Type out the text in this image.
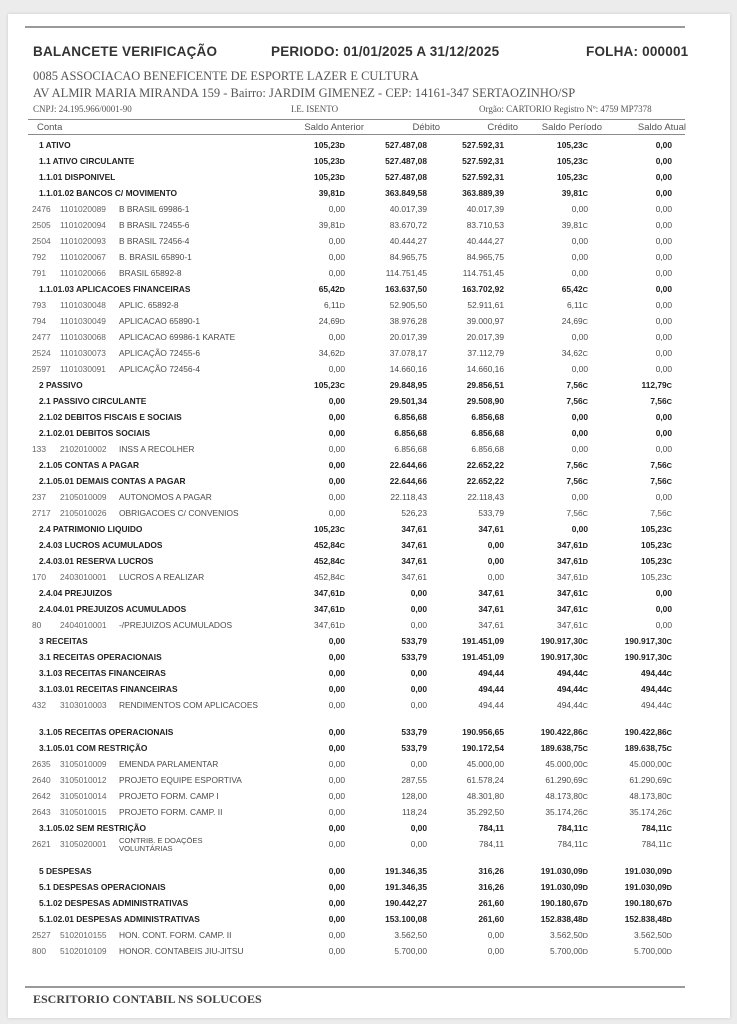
BALANCETE VERIFICAÇÃO	PERIODO: 01/01/2025 A 31/12/2025	FOLHA: 000001
0085 ASSOCIACAO BENEFICENTE DE ESPORTE LAZER E CULTURA
AV ALMIR MARIA MIRANDA 159 - Bairro: JARDIM GIMENEZ - CEP: 14161-347 SERTAOZINHO/SP
CNPJ: 24.195.966/0001-90	I.E. ISENTO	Orgão: CARTORIO Registro Nº: 4759 MP7378
Conta	Saldo Anterior	Débito	Crédito	Saldo Período	Saldo Atual
1 ATIVO	105,23D	527.487,08	527.592,31	105,23C	0,00
1.1 ATIVO CIRCULANTE	105,23D	527.487,08	527.592,31	105,23C	0,00
1.1.01 DISPONIVEL	105,23D	527.487,08	527.592,31	105,23C	0,00
1.1.01.02 BANCOS C/ MOVIMENTO	39,81D	363.849,58	363.889,39	39,81C	0,00
2476 1101020089 B BRASIL 69986-1	0,00	40.017,39	40.017,39	0,00	0,00
2505 1101020094 B BRASIL 72455-6	39,81D	83.670,72	83.710,53	39,81C	0,00
2504 1101020093 B BRASIL 72456-4	0,00	40.444,27	40.444,27	0,00	0,00
792 1101020067 B. BRASIL 65890-1	0,00	84.965,75	84.965,75	0,00	0,00
791 1101020066 BRASIL 65892-8	0,00	114.751,45	114.751,45	0,00	0,00
1.1.01.03 APLICACOES FINANCEIRAS	65,42D	163.637,50	163.702,92	65,42C	0,00
793 1101030048 APLIC. 65892-8	6,11D	52.905,50	52.911,61	6,11C	0,00
794 1101030049 APLICACAO 65890-1	24,69D	38.976,28	39.000,97	24,69C	0,00
2477 1101030068 APLICACAO 69986-1 KARATE	0,00	20.017,39	20.017,39	0,00	0,00
2524 1101030073 APLICAÇÃO 72455-6	34,62D	37.078,17	37.112,79	34,62C	0,00
2597 1101030091 APLICAÇÃO 72456-4	0,00	14.660,16	14.660,16	0,00	0,00
2 PASSIVO	105,23C	29.848,95	29.856,51	7,56C	112,79C
2.1 PASSIVO CIRCULANTE	0,00	29.501,34	29.508,90	7,56C	7,56C
2.1.02 DEBITOS FISCAIS E SOCIAIS	0,00	6.856,68	6.856,68	0,00	0,00
2.1.02.01 DEBITOS SOCIAIS	0,00	6.856,68	6.856,68	0,00	0,00
133 2102010002 INSS A RECOLHER	0,00	6.856,68	6.856,68	0,00	0,00
2.1.05 CONTAS A PAGAR	0,00	22.644,66	22.652,22	7,56C	7,56C
2.1.05.01 DEMAIS CONTAS A PAGAR	0,00	22.644,66	22.652,22	7,56C	7,56C
237 2105010009 AUTONOMOS A PAGAR	0,00	22.118,43	22.118,43	0,00	0,00
2717 2105010026 OBRIGACOES C/ CONVENIOS	0,00	526,23	533,79	7,56C	7,56C
2.4 PATRIMONIO LIQUIDO	105,23C	347,61	347,61	0,00	105,23C
2.4.03 LUCROS ACUMULADOS	452,84C	347,61	0,00	347,61D	105,23C
2.4.03.01 RESERVA LUCROS	452,84C	347,61	0,00	347,61D	105,23C
170 2403010001 LUCROS A REALIZAR	452,84C	347,61	0,00	347,61D	105,23C
2.4.04 PREJUIZOS	347,61D	0,00	347,61	347,61C	0,00
2.4.04.01 PREJUIZOS ACUMULADOS	347,61D	0,00	347,61	347,61C	0,00
80 2404010001 -/PREJUIZOS ACUMULADOS	347,61D	0,00	347,61	347,61C	0,00
3 RECEITAS	0,00	533,79	191.451,09	190.917,30C	190.917,30C
3.1 RECEITAS OPERACIONAIS	0,00	533,79	191.451,09	190.917,30C	190.917,30C
3.1.03 RECEITAS FINANCEIRAS	0,00	0,00	494,44	494,44C	494,44C
3.1.03.01 RECEITAS FINANCEIRAS	0,00	0,00	494,44	494,44C	494,44C
432 3103010003 RENDIMENTOS COM APLICACOES	0,00	0,00	494,44	494,44C	494,44C
3.1.05 RECEITAS OPERACIONAIS	0,00	533,79	190.956,65	190.422,86C	190.422,86C
3.1.05.01 COM RESTRIÇÃO	0,00	533,79	190.172,54	189.638,75C	189.638,75C
2635 3105010009 EMENDA PARLAMENTAR	0,00	0,00	45.000,00	45.000,00C	45.000,00C
2640 3105010012 PROJETO EQUIPE ESPORTIVA	0,00	287,55	61.578,24	61.290,69C	61.290,69C
2642 3105010014 PROJETO FORM. CAMP I	0,00	128,00	48.301,80	48.173,80C	48.173,80C
2643 3105010015 PROJETO FORM. CAMP. II	0,00	118,24	35.292,50	35.174,26C	35.174,26C
3.1.05.02 SEM RESTRIÇÃO	0,00	0,00	784,11	784,11C	784,11C
2621 3105020001 CONTRIB. E DOAÇÕES VOLUNTÁRIAS	0,00	0,00	784,11	784,11C	784,11C
5 DESPESAS	0,00	191.346,35	316,26	191.030,09D	191.030,09D
5.1 DESPESAS OPERACIONAIS	0,00	191.346,35	316,26	191.030,09D	191.030,09D
5.1.02 DESPESAS ADMINISTRATIVAS	0,00	190.442,27	261,60	190.180,67D	190.180,67D
5.1.02.01 DESPESAS ADMINISTRATIVAS	0,00	153.100,08	261,60	152.838,48D	152.838,48D
2527 5102010155 HON. CONT. FORM. CAMP. II	0,00	3.562,50	0,00	3.562,50D	3.562,50D
800 5102010109 HONOR. CONTABEIS JIU-JITSU	0,00	5.700,00	0,00	5.700,00D	5.700,00D
ESCRITORIO CONTABIL NS SOLUCOES
